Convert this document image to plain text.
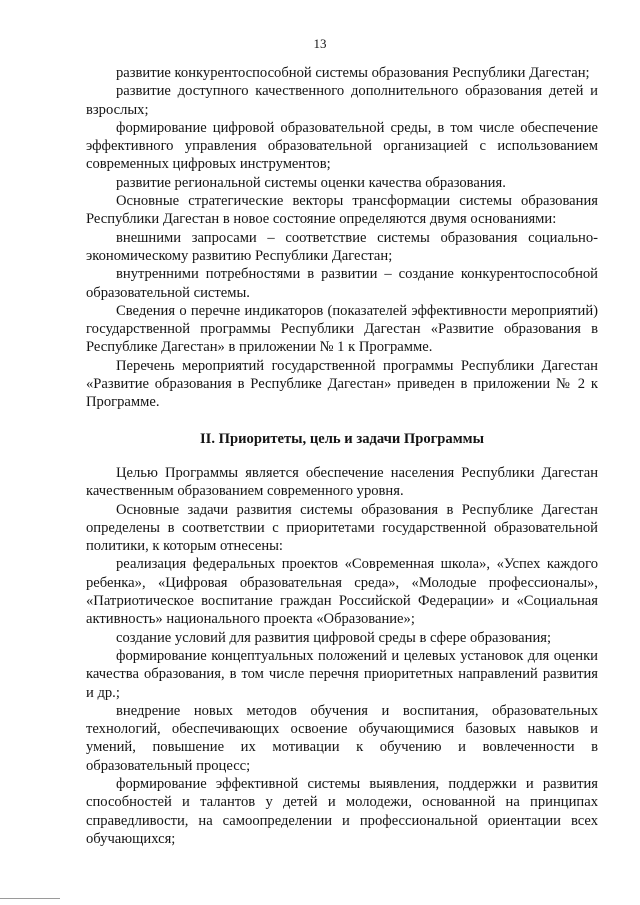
13

развитие конкурентоспособной системы образования Республики Дагестан;

развитие доступного качественного дополнительного образования детей и взрослых;

формирование цифровой образовательной среды, в том числе обеспечение эффективного управления образовательной организацией с использованием современных цифровых инструментов;

развитие региональной системы оценки качества образования.

Основные стратегические векторы трансформации системы образования Республики Дагестан в новое состояние определяются двумя основаниями:

внешними запросами – соответствие системы образования социально-экономическому развитию Республики Дагестан;

внутренними потребностями в развитии – создание конкурентоспособной образовательной системы.

Сведения о перечне индикаторов (показателей эффективности мероприятий) государственной программы Республики Дагестан «Развитие образования в Республике Дагестан» в приложении № 1 к Программе.

Перечень мероприятий государственной программы Республики Дагестан «Развитие образования в Республике Дагестан» приведен в приложении № 2 к Программе.

II. Приоритеты, цель и задачи Программы

Целью Программы является обеспечение населения Республики Дагестан качественным образованием современного уровня.

Основные задачи развития системы образования в Республике Дагестан определены в соответствии с приоритетами государственной образовательной политики, к которым отнесены:

реализация федеральных проектов «Современная школа», «Успех каждого ребенка», «Цифровая образовательная среда», «Молодые профессионалы», «Патриотическое воспитание граждан Российской Федерации» и «Социальная активность» национального проекта «Образование»;

создание условий для развития цифровой среды в сфере образования;

формирование концептуальных положений и целевых установок для оценки качества образования, в том числе перечня приоритетных направлений развития и др.;

внедрение новых методов обучения и воспитания, образовательных технологий, обеспечивающих освоение обучающимися базовых навыков и умений, повышение их мотивации к обучению и вовлеченности в образовательный процесс;

формирование эффективной системы выявления, поддержки и развития способностей и талантов у детей и молодежи, основанной на принципах справедливости, на самоопределении и профессиональной ориентации всех обучающихся;
